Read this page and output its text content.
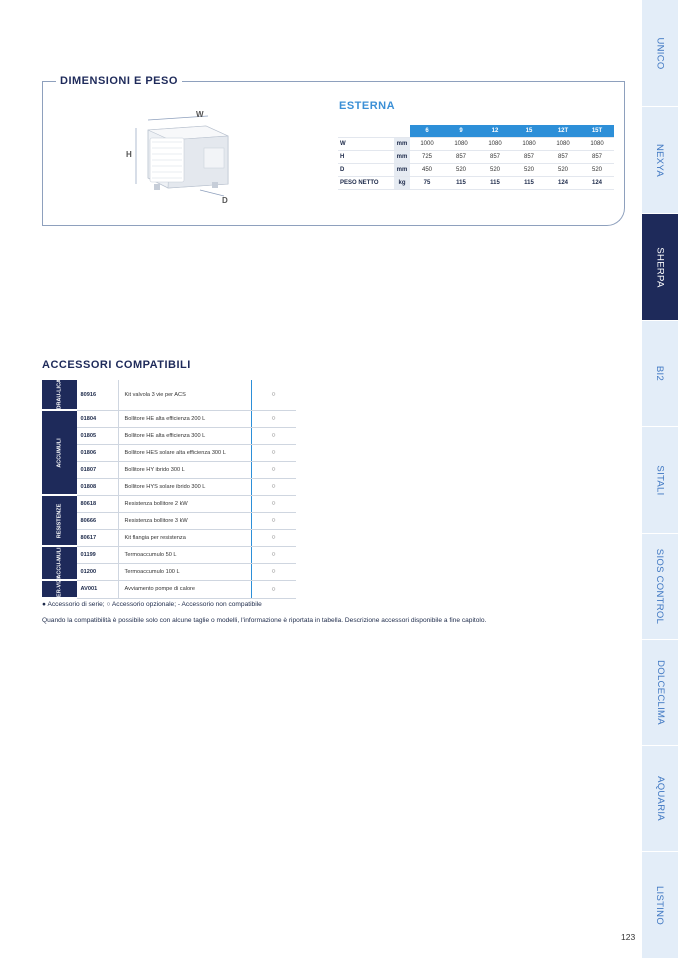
UNICO
NEXYA
SHERPA
BI2
SITALI
SIOS CONTROL
DOLCECLIMA
AQUARIA
LISTINO
DIMENSIONI E PESO
W
H
D
ESTERNA
		6	9	12	15	12T	15T
W	mm	1000	1080	1080	1080	1080	1080
H	mm	725	857	857	857	857	857
D	mm	450	520	520	520	520	520
PESO NETTO	kg	75	115	115	115	124	124
ACCESSORI COMPATIBILI
IDRAU-LICA	80916	Kit valvola 3 vie per ACS	○

ACCUMULI	01804	Bollitore HE alta efficienza 200 L	○
	01805	Bollitore HE alta efficienza 300 L	○
	01806	Bollitore HES solare alta efficienza 300 L	○
	01807	Bollitore HY ibrido 300 L	○
	01808	Bollitore HYS solare ibrido 300 L	○

RESISTENZE	80618	Resistenza bollitore 2 kW	○
	80666	Resistenza bollitore 3 kW	○
	80617	Kit flangia per resistenza	○

ACCU-MULI	01199	Termoaccumulo 50 L	○
	01200	Termoaccumulo 100 L	○

SER-VIZI	AV001	Avviamento pompe di calore	○
● Accessorio di serie; ○ Accessorio opzionale; - Accessorio non compatibile
Quando la compatibilità è possibile solo con alcune taglie o modelli, l'informazione è riportata in tabella. Descrizione accessori disponibile a fine capitolo.
123
